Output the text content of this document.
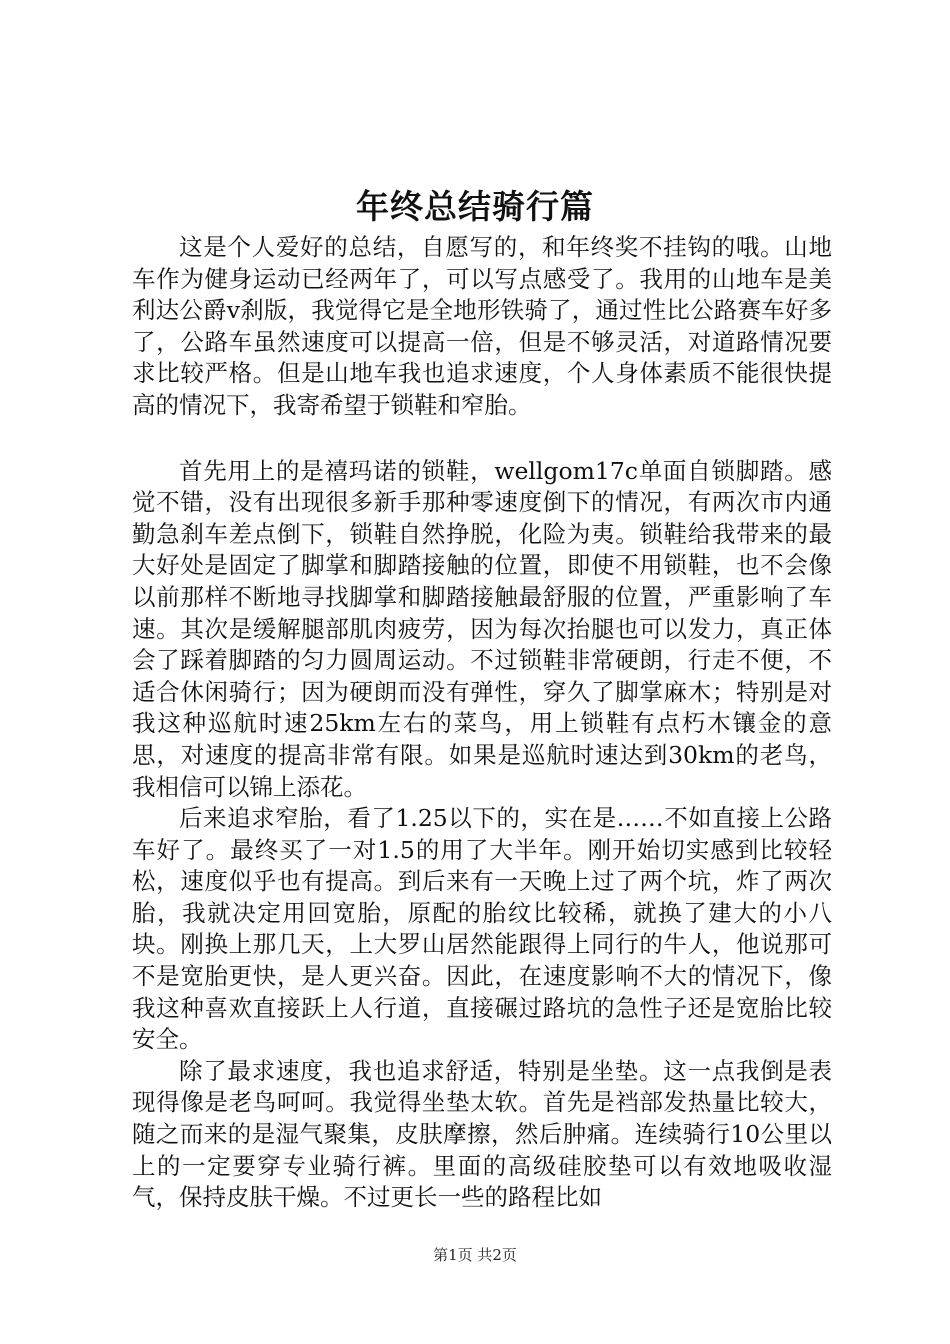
年终总结骑行篇

这是个人爱好的总结，自愿写的，和年终奖不挂钩的哦。山地车作为健身运动已经两年了，可以写点感受了。我用的山地车是美利达公爵v刹版，我觉得它是全地形铁骑了，通过性比公路赛车好多了，公路车虽然速度可以提高一倍，但是不够灵活，对道路情况要求比较严格。但是山地车我也追求速度，个人身体素质不能很快提高的情况下，我寄希望于锁鞋和窄胎。

首先用上的是禧玛诺的锁鞋，wellgom17c单面自锁脚踏。感觉不错，没有出现很多新手那种零速度倒下的情况，有两次市内通勤急刹车差点倒下，锁鞋自然挣脱，化险为夷。锁鞋给我带来的最大好处是固定了脚掌和脚踏接触的位置，即使不用锁鞋，也不会像以前那样不断地寻找脚掌和脚踏接触最舒服的位置，严重影响了车速。其次是缓解腿部肌肉疲劳，因为每次抬腿也可以发力，真正体会了踩着脚踏的匀力圆周运动。不过锁鞋非常硬朗，行走不便，不适合休闲骑行；因为硬朗而没有弹性，穿久了脚掌麻木；特别是对我这种巡航时速25km左右的菜鸟，用上锁鞋有点朽木镶金的意思，对速度的提高非常有限。如果是巡航时速达到30km的老鸟，我相信可以锦上添花。

后来追求窄胎，看了1.25以下的，实在是……不如直接上公路车好了。最终买了一对1.5的用了大半年。刚开始切实感到比较轻松，速度似乎也有提高。到后来有一天晚上过了两个坑，炸了两次胎，我就决定用回宽胎，原配的胎纹比较稀，就换了建大的小八块。刚换上那几天，上大罗山居然能跟得上同行的牛人，他说那可不是宽胎更快，是人更兴奋。因此，在速度影响不大的情况下，像我这种喜欢直接跃上人行道，直接碾过路坑的急性子还是宽胎比较安全。

除了最求速度，我也追求舒适，特别是坐垫。这一点我倒是表现得像是老鸟呵呵。我觉得坐垫太软。首先是裆部发热量比较大，随之而来的是湿气聚集，皮肤摩擦，然后肿痛。连续骑行10公里以上的一定要穿专业骑行裤。里面的高级硅胶垫可以有效地吸收湿气，保持皮肤干燥。不过更长一些的路程比如

第1页 共2页
